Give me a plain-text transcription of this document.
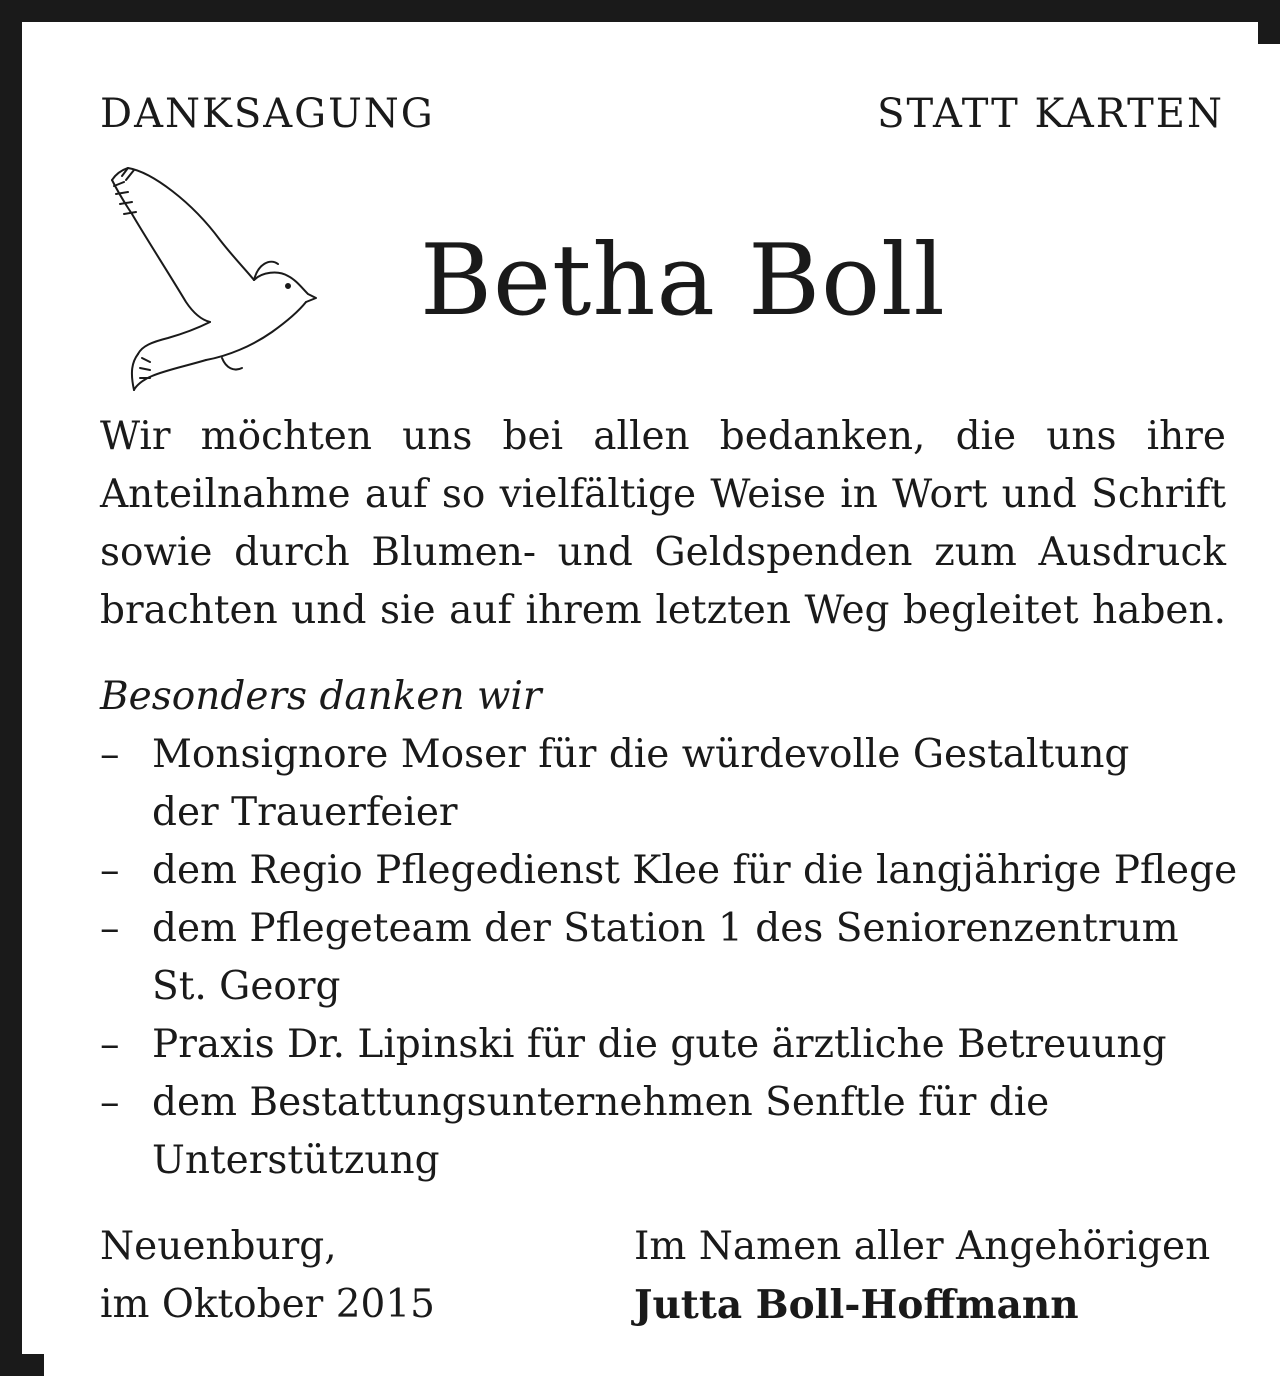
DANKSAGUNG	STATT KARTEN
Betha Boll
Wir möchten uns bei allen bedanken, die uns ihre
Anteilnahme auf so vielfältige Weise in Wort und Schrift
sowie durch Blumen- und Geldspenden zum Ausdruck
brachten und sie auf ihrem letzten Weg begleitet haben.
Besonders danken wir
– Monsignore Moser für die würdevolle Gestaltung
der Trauerfeier
– dem Regio Pflegedienst Klee für die langjährige Pflege
– dem Pflegeteam der Station 1 des Seniorenzentrum
St. Georg
– Praxis Dr. Lipinski für die gute ärztliche Betreuung
– dem Bestattungsunternehmen Senftle für die
Unterstützung
Neuenburg,
im Oktober 2015
Im Namen aller Angehörigen
Jutta Boll-Hoffmann
